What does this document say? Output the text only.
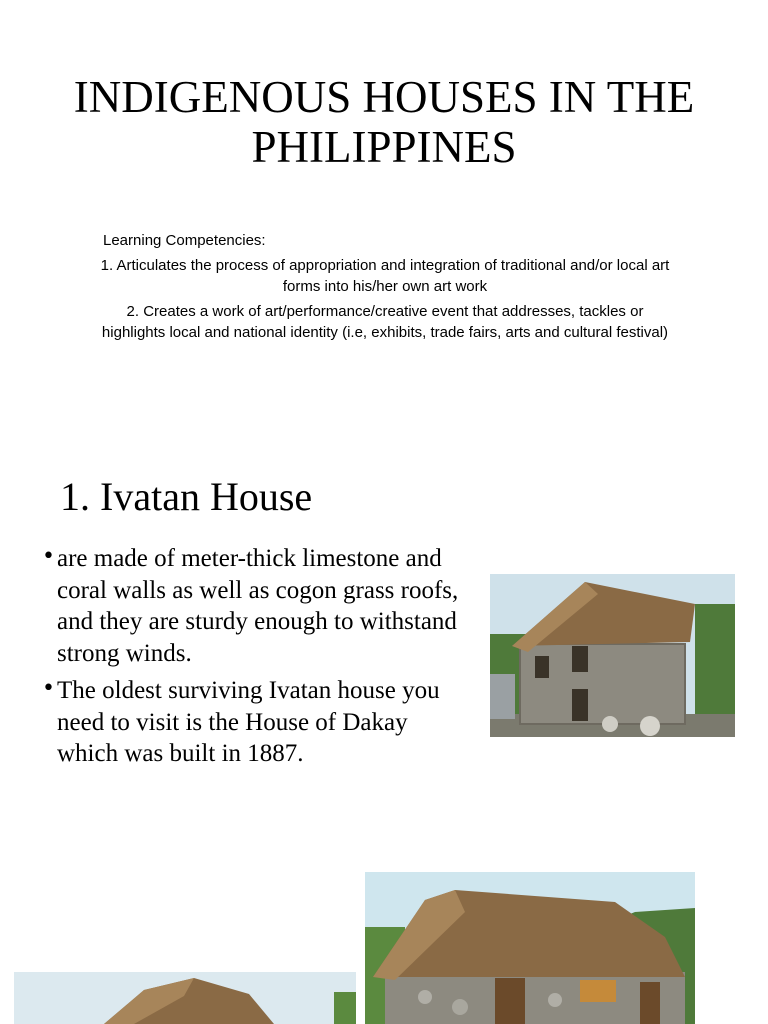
INDIGENOUS HOUSES IN THE PHILIPPINES

Learning Competencies:

1. Articulates the process of appropriation and integration of traditional and/or local art forms into his/her own art work

2. Creates a work of art/performance/creative event that addresses, tackles or highlights local and national identity (i.e, exhibits, trade fairs, arts and cultural festival)

1. Ivatan House
• are made of meter-thick limestone and coral walls as well as cogon grass roofs, and they are sturdy enough to withstand strong winds.
• The oldest surviving Ivatan house you need to visit is the House of Dakay which was built in 1887.
